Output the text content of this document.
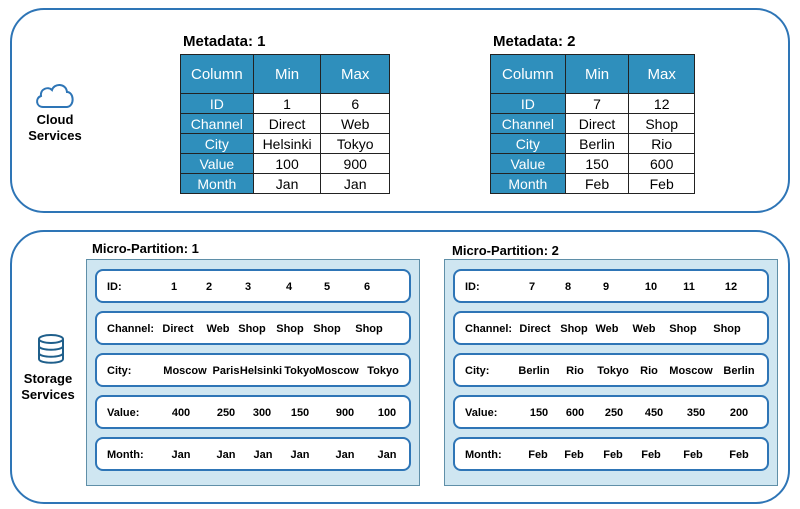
Cloud
Services
Metadata: 1
Column	Min	Max
ID	1	6
Channel	Direct	Web
City	Helsinki	Tokyo
Value	100	900
Month	Jan	Jan
Metadata: 2
Column	Min	Max
ID	7	12
Channel	Direct	Shop
City	Berlin	Rio
Value	150	600
Month	Feb	Feb
Storage
Services
Micro-Partition: 1	Micro-Partition: 2
ID:	1	2	3	4	5	6
Channel: Direct Web Shop Shop Shop Shop
City:	Moscow Paris Helsinki Tokyo Moscow Tokyo
Value:	400 250 300 150 900 100
Month:	Jan Jan Jan Jan Jan Jan
ID:	7	8	9	10 11	12
Channel: Direct Shop Web Web Shop Shop
City:	Berlin Rio Tokyo Rio Moscow Berlin
Value:	150 600 250 450 350 200
Month: Feb Feb Feb Feb Feb Feb
